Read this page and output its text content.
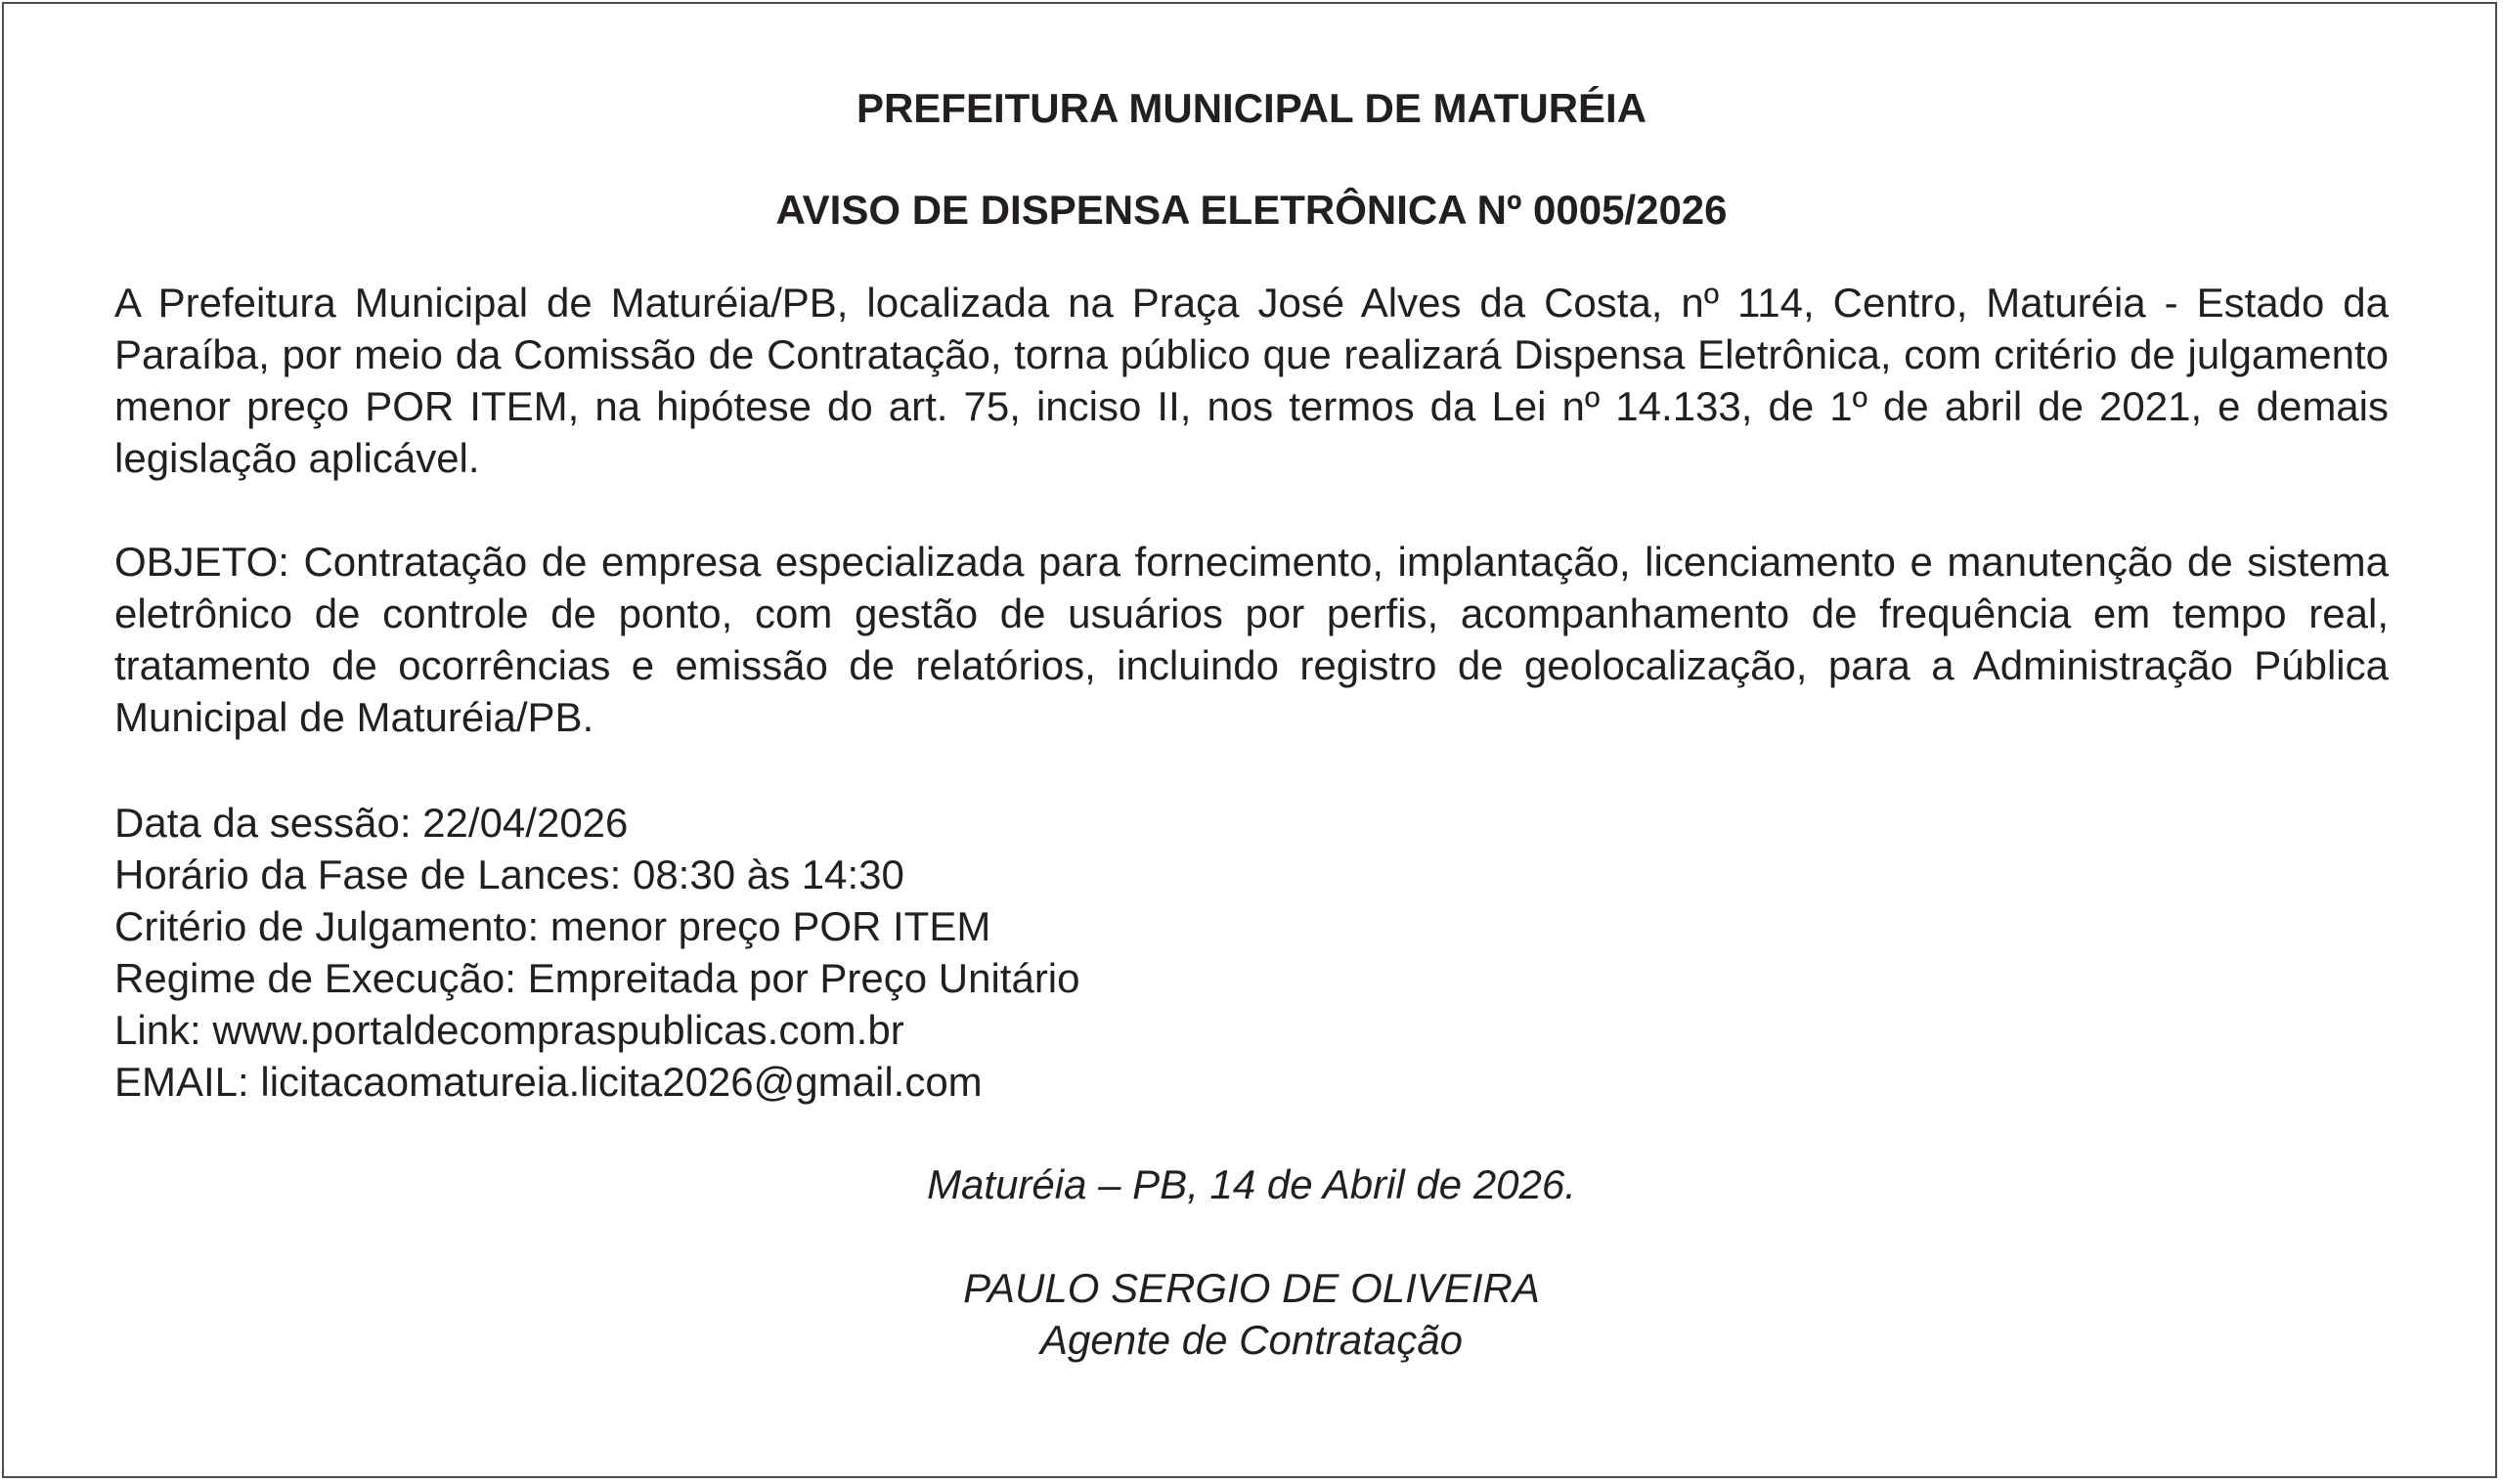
PREFEITURA MUNICIPAL DE MATURÉIA

AVISO DE DISPENSA ELETRÔNICA Nº 0005/2026

A Prefeitura Municipal de Maturéia/PB, localizada na Praça José Alves da Costa, nº 114, Centro, Maturéia - Estado da Paraíba, por meio da Comissão de Contratação, torna público que realizará Dispensa Eletrônica, com critério de julgamento menor preço POR ITEM, na hipótese do art. 75, inciso II, nos termos da Lei nº 14.133, de 1º de abril de 2021, e demais legislação aplicável.

OBJETO: Contratação de empresa especializada para fornecimento, implantação, licenciamento e manutenção de sistema eletrônico de controle de ponto, com gestão de usuários por perfis, acompanhamento de frequência em tempo real, tratamento de ocorrências e emissão de relatórios, incluindo registro de geolocalização, para a Administração Pública Municipal de Maturéia/PB.

Data da sessão: 22/04/2026
Horário da Fase de Lances: 08:30 às 14:30
Critério de Julgamento: menor preço POR ITEM
Regime de Execução: Empreitada por Preço Unitário
Link: www.portaldecompraspublicas.com.br
EMAIL: licitacaomatureia.licita2026@gmail.com
Maturéia – PB, 14 de Abril de 2026.
PAULO SERGIO DE OLIVEIRA
Agente de Contratação
